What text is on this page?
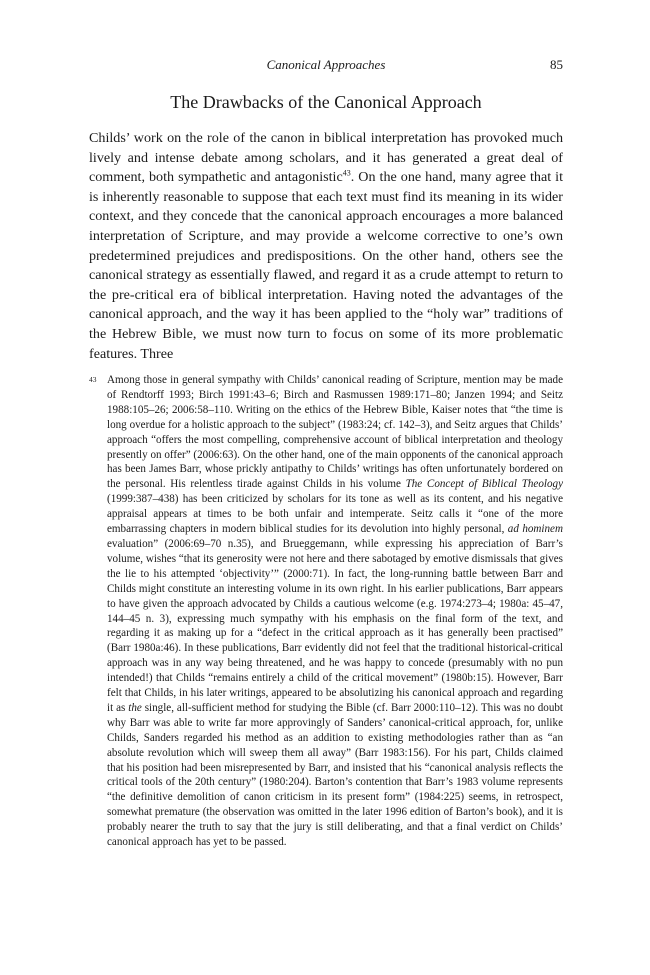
Canonical Approaches	85
The Drawbacks of the Canonical Approach

Childs’ work on the role of the canon in biblical interpretation has provoked much lively and intense debate among scholars, and it has generated a great deal of comment, both sympathetic and antagonistic$^{43}$. On the one hand, many agree that it is inherently reasonable to suppose that each text must find its meaning in its wider context, and they concede that the canonical approach encourages a more balanced interpretation of Scripture, and may provide a welcome corrective to one’s own predetermined prejudices and predispositions. On the other hand, others see the canonical strategy as essentially flawed, and regard it as a crude attempt to return to the pre-critical era of biblical interpretation. Having noted the advantages of the canonical approach, and the way it has been applied to the “holy war” traditions of the Hebrew Bible, we must now turn to focus on some of its more problematic features. Three

43 Among those in general sympathy with Childs’ canonical reading of Scripture, mention may be made of Rendtorff 1993; Birch 1991:43–6; Birch and Rasmussen 1989:171–80; Janzen 1994; and Seitz 1988:105–26; 2006:58–110. Writing on the ethics of the Hebrew Bible, Kaiser notes that “the time is long overdue for a holistic approach to the subject” (1983:24; cf. 142–3), and Seitz argues that Childs’ approach “offers the most compelling, comprehensive account of biblical interpretation and theology presently on offer” (2006:63). On the other hand, one of the main opponents of the canonical approach has been James Barr, whose prickly antipathy to Childs’ writings has often unfortunately bordered on the personal. His relentless tirade against Childs in his volume The Concept of Biblical Theology (1999:387–438) has been criticized by scholars for its tone as well as its content, and his negative appraisal appears at times to be both unfair and intemperate. Seitz calls it “one of the more embarrassing chapters in modern biblical studies for its devolution into highly personal, ad hominem evaluation” (2006:69–70 n.35), and Brueggemann, while expressing his appreciation of Barr’s volume, wishes “that its generosity were not here and there sabotaged by emotive dismissals that gives the lie to his attempted ‘objectivity’” (2000:71). In fact, the long-running battle between Barr and Childs might constitute an interesting volume in its own right. In his earlier publications, Barr appears to have given the approach advocated by Childs a cautious welcome (e.g. 1974:273–4; 1980a: 45–47, 144–45 n. 3), expressing much sympathy with his emphasis on the final form of the text, and regarding it as making up for a “defect in the critical approach as it has generally been practised” (Barr 1980a:46). In these publications, Barr evidently did not feel that the traditional historical-critical approach was in any way being threatened, and he was happy to concede (presumably with no pun intended!) that Childs “remains entirely a child of the critical movement” (1980b:15). However, Barr felt that Childs, in his later writings, appeared to be absolutizing his canonical approach and regarding it as the single, all-sufficient method for studying the Bible (cf. Barr 2000:110–12). This was no doubt why Barr was able to write far more approvingly of Sanders’ canonical-critical approach, for, unlike Childs, Sanders regarded his method as an addition to existing methodologies rather than as “an absolute revolution which will sweep them all away” (Barr 1983:156). For his part, Childs claimed that his position had been misrepresented by Barr, and insisted that his “canonical analysis reflects the critical tools of the 20th century” (1980:204). Barton’s contention that Barr’s 1983 volume represents “the definitive demolition of canon criticism in its present form” (1984:225) seems, in retrospect, somewhat premature (the observation was omitted in the later 1996 edition of Barton’s book), and it is probably nearer the truth to say that the jury is still deliberating, and that a final verdict on Childs’ canonical approach has yet to be passed.
